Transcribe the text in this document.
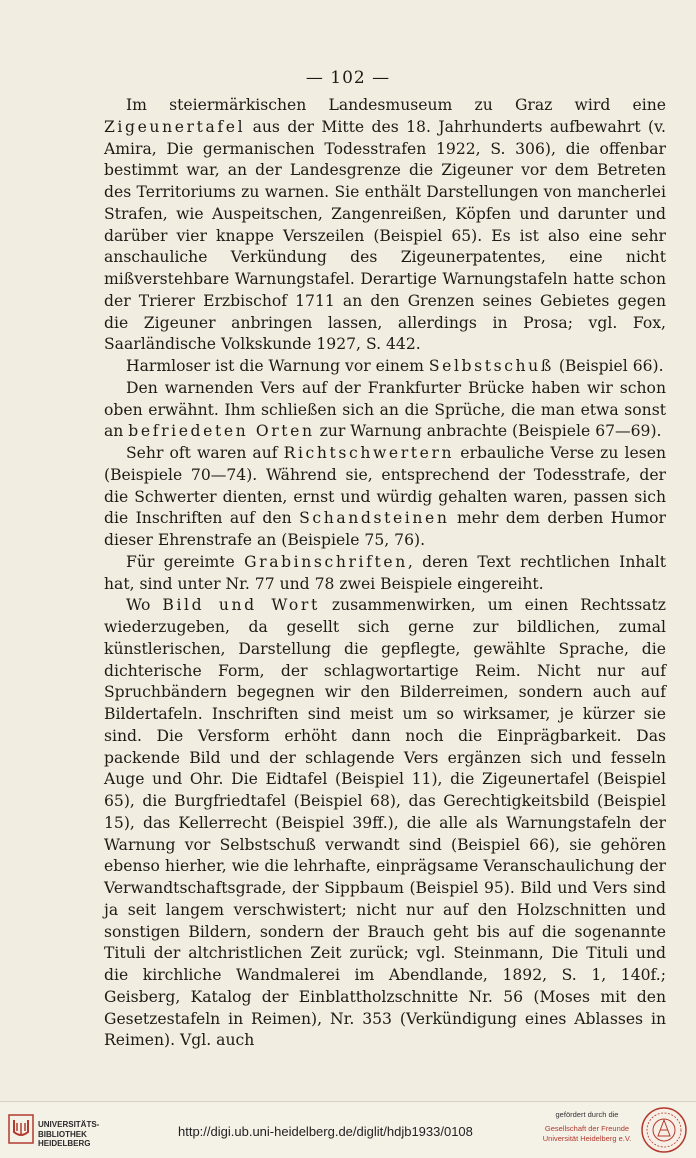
— 102 —

Im steiermärkischen Landesmuseum zu Graz wird eine Zigeunertafel aus der Mitte des 18. Jahrhunderts aufbewahrt (v. Amira, Die germanischen Todesstrafen 1922, S. 306), die offenbar bestimmt war, an der Landesgrenze die Zigeuner vor dem Betreten des Territoriums zu warnen. Sie enthält Darstellungen von mancherlei Strafen, wie Auspeitschen, Zangenreißen, Köpfen und darunter und darüber vier knappe Verszeilen (Beispiel 65). Es ist also eine sehr anschauliche Verkündung des Zigeunerpatentes, eine nicht mißverstehbare Warnungstafel. Derartige Warnungstafeln hatte schon der Trierer Erzbischof 1711 an den Grenzen seines Gebietes gegen die Zigeuner anbringen lassen, allerdings in Prosa; vgl. Fox, Saarländische Volkskunde 1927, S. 442.

Harmloser ist die Warnung vor einem Selbstschuß (Beispiel 66).

Den warnenden Vers auf der Frankfurter Brücke haben wir schon oben erwähnt. Ihm schließen sich an die Sprüche, die man etwa sonst an befriedeten Orten zur Warnung anbrachte (Beispiele 67—69).

Sehr oft waren auf Richtschwertern erbauliche Verse zu lesen (Beispiele 70—74). Während sie, entsprechend der Todesstrafe, der die Schwerter dienten, ernst und würdig gehalten waren, passen sich die Inschriften auf den Schandsteinen mehr dem derben Humor dieser Ehrenstrafe an (Beispiele 75, 76).

Für gereimte Grabinschriften, deren Text rechtlichen Inhalt hat, sind unter Nr. 77 und 78 zwei Beispiele eingereiht.

Wo Bild und Wort zusammenwirken, um einen Rechtssatz wiederzugeben, da gesellt sich gerne zur bildlichen, zumal künstlerischen, Darstellung die gepflegte, gewählte Sprache, die dichterische Form, der schlagwortartige Reim. Nicht nur auf Spruchbändern begegnen wir den Bilderreimen, sondern auch auf Bildertafeln. Inschriften sind meist um so wirksamer, je kürzer sie sind. Die Versform erhöht dann noch die Einprägbarkeit. Das packende Bild und der schlagende Vers ergänzen sich und fesseln Auge und Ohr. Die Eidtafel (Beispiel 11), die Zigeunertafel (Beispiel 65), die Burgfriedtafel (Beispiel 68), das Gerechtigkeitsbild (Beispiel 15), das Kellerrecht (Beispiel 39ff.), die alle als Warnungstafeln der Warnung vor Selbstschuß verwandt sind (Beispiel 66), sie gehören ebenso hierher, wie die lehrhafte, einprägsame Veranschaulichung der Verwandtschaftsgrade, der Sippbaum (Beispiel 95). Bild und Vers sind ja seit langem verschwistert; nicht nur auf den Holzschnitten und sonstigen Bildern, sondern der Brauch geht bis auf die sogenannte Tituli der altchristlichen Zeit zurück; vgl. Steinmann, Die Tituli und die kirchliche Wandmalerei im Abendlande, 1892, S. 1, 140f.; Geisberg, Katalog der Einblattholzschnitte Nr. 56 (Moses mit den Gesetzestafeln in Reimen), Nr. 353 (Verkündigung eines Ablasses in Reimen). Vgl. auch

UNIVERSITÄTS-
BIBLIOTHEK
HEIDELBERG
http://digi.ub.uni-heidelberg.de/diglit/hdjb1933/0108
gefördert durch die
Gesellschaft der Freunde
Universität Heidelberg e.V.
